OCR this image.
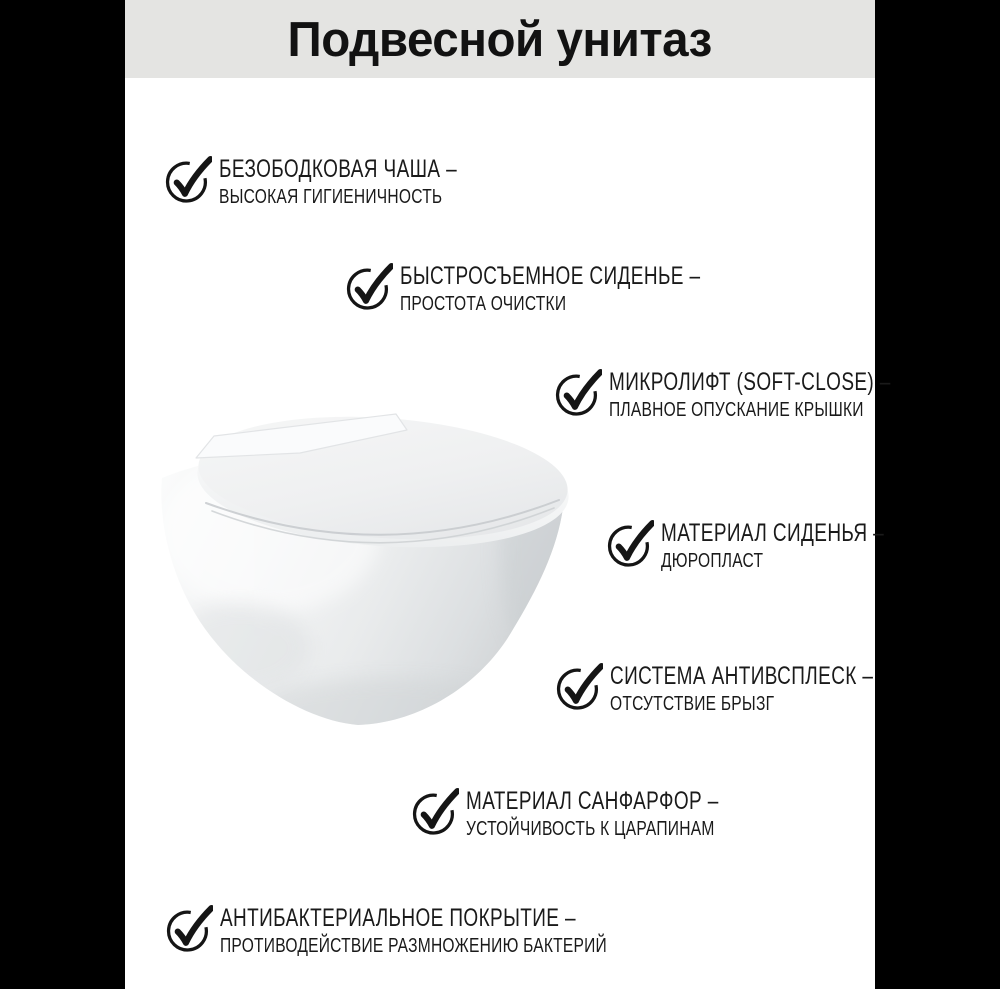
Подвесной унитаз
БЕЗОБОДКОВАЯ ЧАША –
ВЫСОКАЯ ГИГИЕНИЧНОСТЬ
БЫСТРОСЪЕМНОЕ СИДЕНЬЕ –
ПРОСТОТА ОЧИСТКИ
МИКРОЛИФТ (SOFT-CLOSE) –
ПЛАВНОЕ ОПУСКАНИЕ КРЫШКИ
МАТЕРИАЛ СИДЕНЬЯ –
ДЮРОПЛАСТ
СИСТЕМА АНТИВСПЛЕСК –
ОТСУТСТВИЕ БРЫЗГ
МАТЕРИАЛ САНФАРФОР –
УСТОЙЧИВОСТЬ К ЦАРАПИНАМ
АНТИБАКТЕРИАЛЬНОЕ ПОКРЫТИЕ –
ПРОТИВОДЕЙСТВИЕ РАЗМНОЖЕНИЮ БАКТЕРИЙ
